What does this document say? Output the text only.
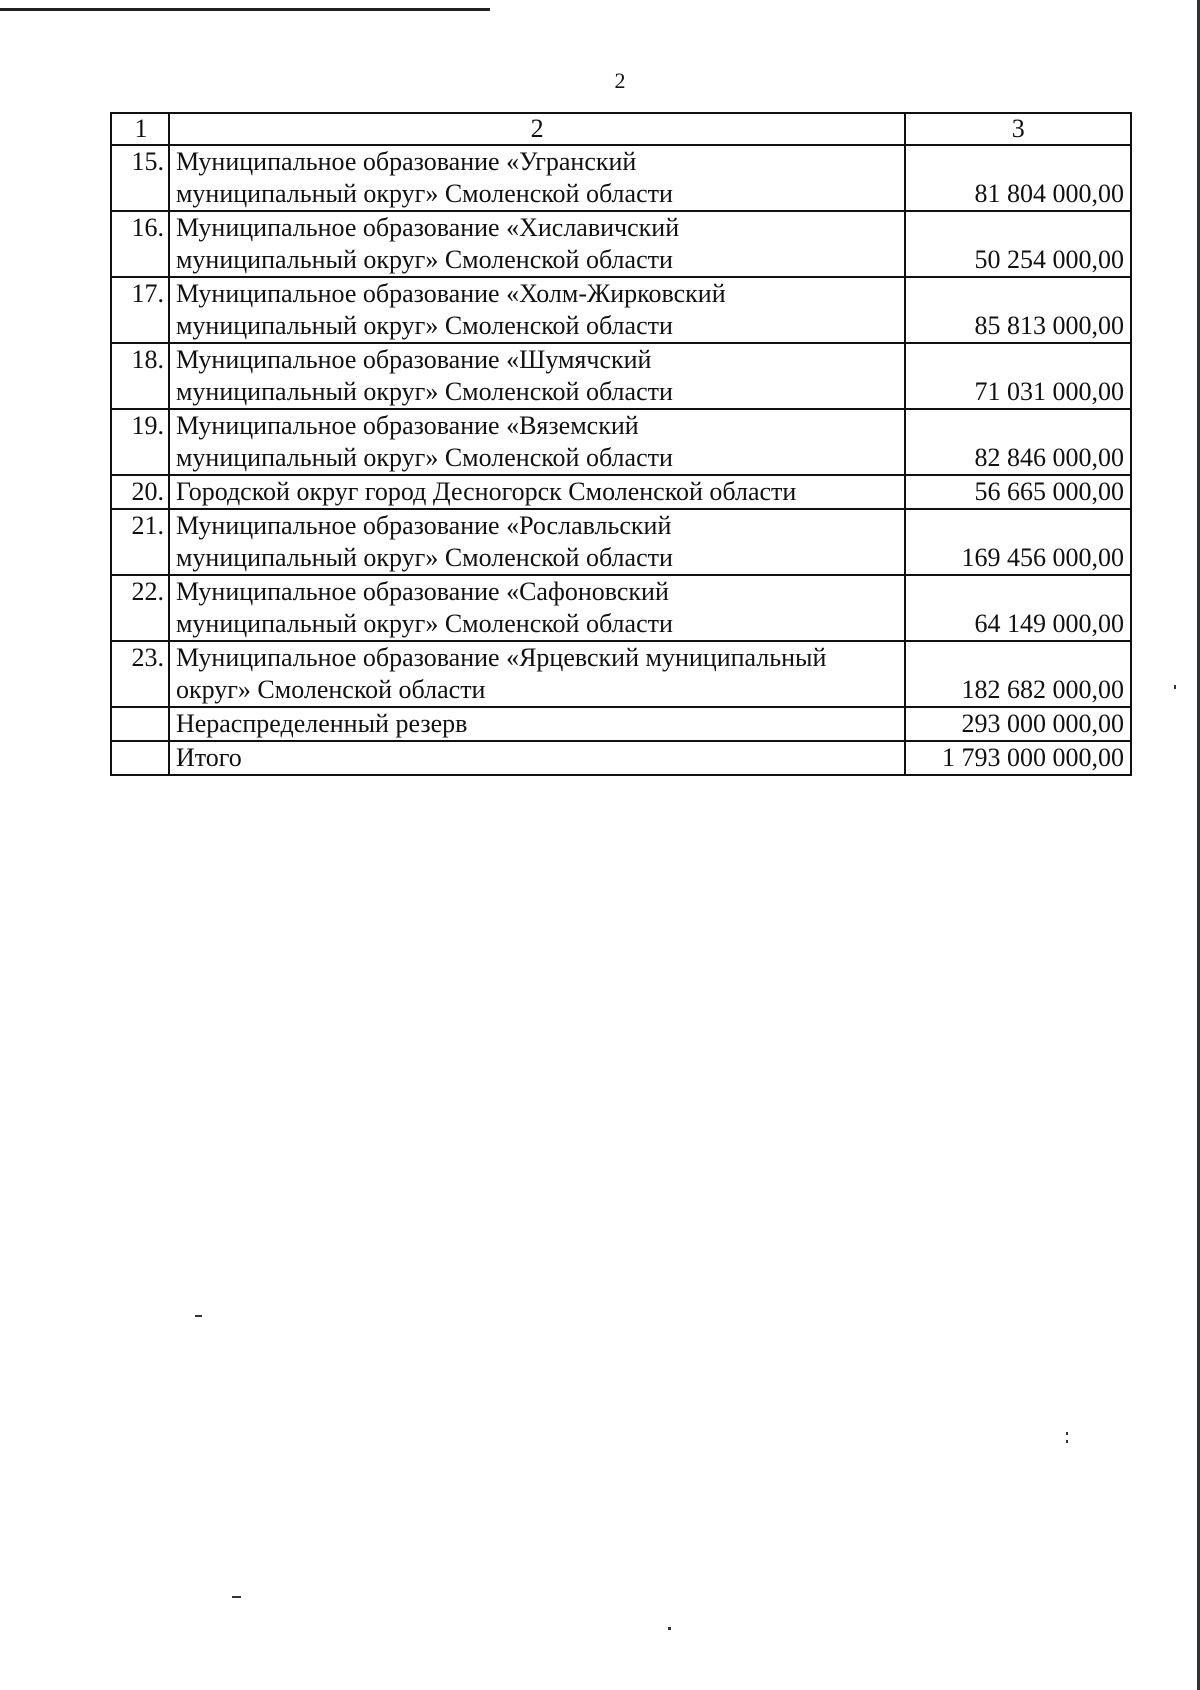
2
1	2	3
15.	Муниципальное образование «Угранский
муниципальный округ» Смоленской области	81 804 000,00
16.	Муниципальное образование «Хиславичский
муниципальный округ» Смоленской области	50 254 000,00
17.	Муниципальное образование «Холм-Жирковский
муниципальный округ» Смоленской области	85 813 000,00
18.	Муниципальное образование «Шумячский
муниципальный округ» Смоленской области	71 031 000,00
19.	Муниципальное образование «Вяземский
муниципальный округ» Смоленской области	82 846 000,00
20.	Городской округ город Десногорск Смоленской области	56 665 000,00
21.	Муниципальное образование «Рославльский
муниципальный округ» Смоленской области	169 456 000,00
22.	Муниципальное образование «Сафоновский
муниципальный округ» Смоленской области	64 149 000,00
23.	Муниципальное образование «Ярцевский муниципальный
округ» Смоленской области	182 682 000,00
	Нераспределенный резерв	293 000 000,00
	Итого	1 793 000 000,00
